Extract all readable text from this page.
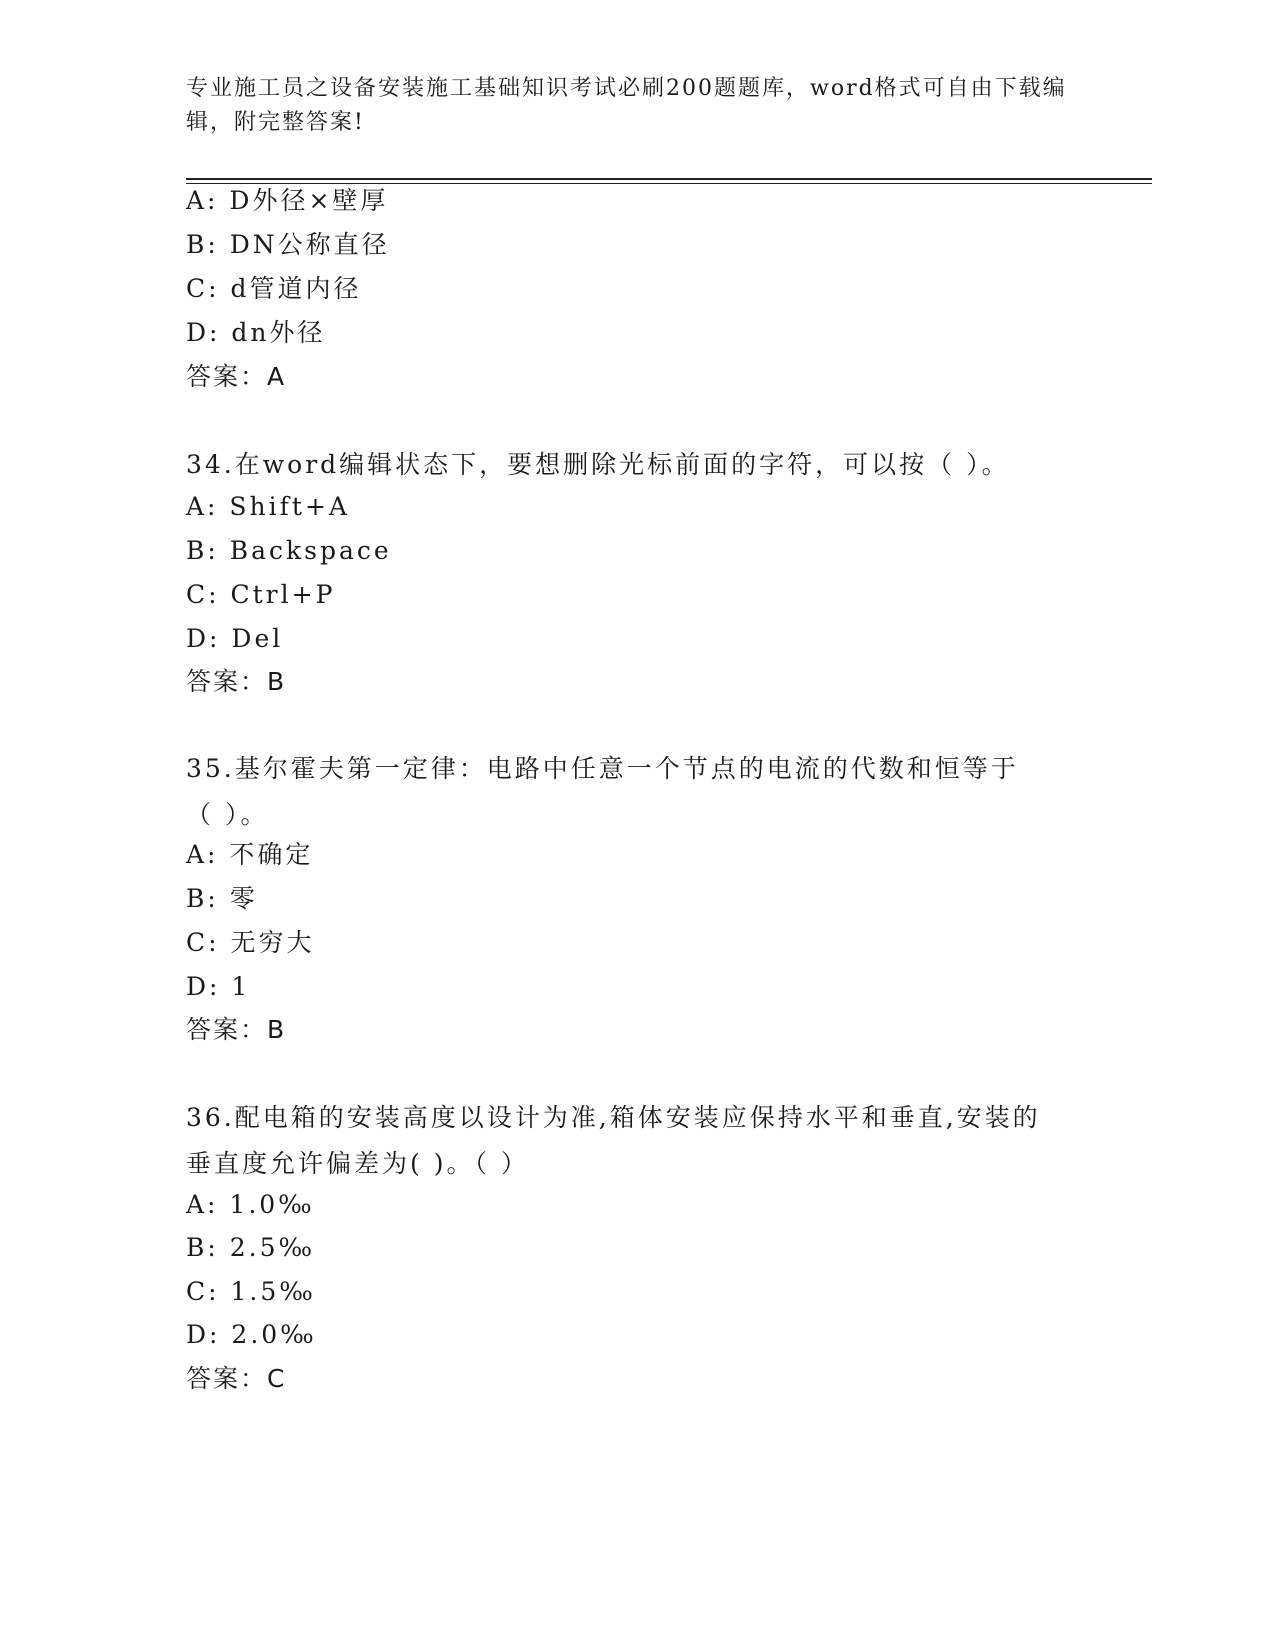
专业施工员之设备安装施工基础知识考试必刷200题题库，word格式可自由下载编辑，附完整答案!
A: D外径×壁厚
B: DN公称直径
C: d管道内径
D: dn外径
答案：A
34.在word编辑状态下，要想删除光标前面的字符，可以按（ ）。
A: Shift+A
B: Backspace
C: Ctrl+P
D: Del
答案：B
35.基尔霍夫第一定律：电路中任意一个节点的电流的代数和恒等于（ ）。
A: 不确定
B: 零
C: 无穷大
D: 1
答案：B
36.配电箱的安装高度以设计为准,箱体安装应保持水平和垂直,安装的垂直度允许偏差为( )。（ ）
A: 1.0‰
B: 2.5‰
C: 1.5‰
D: 2.0‰
答案：C
